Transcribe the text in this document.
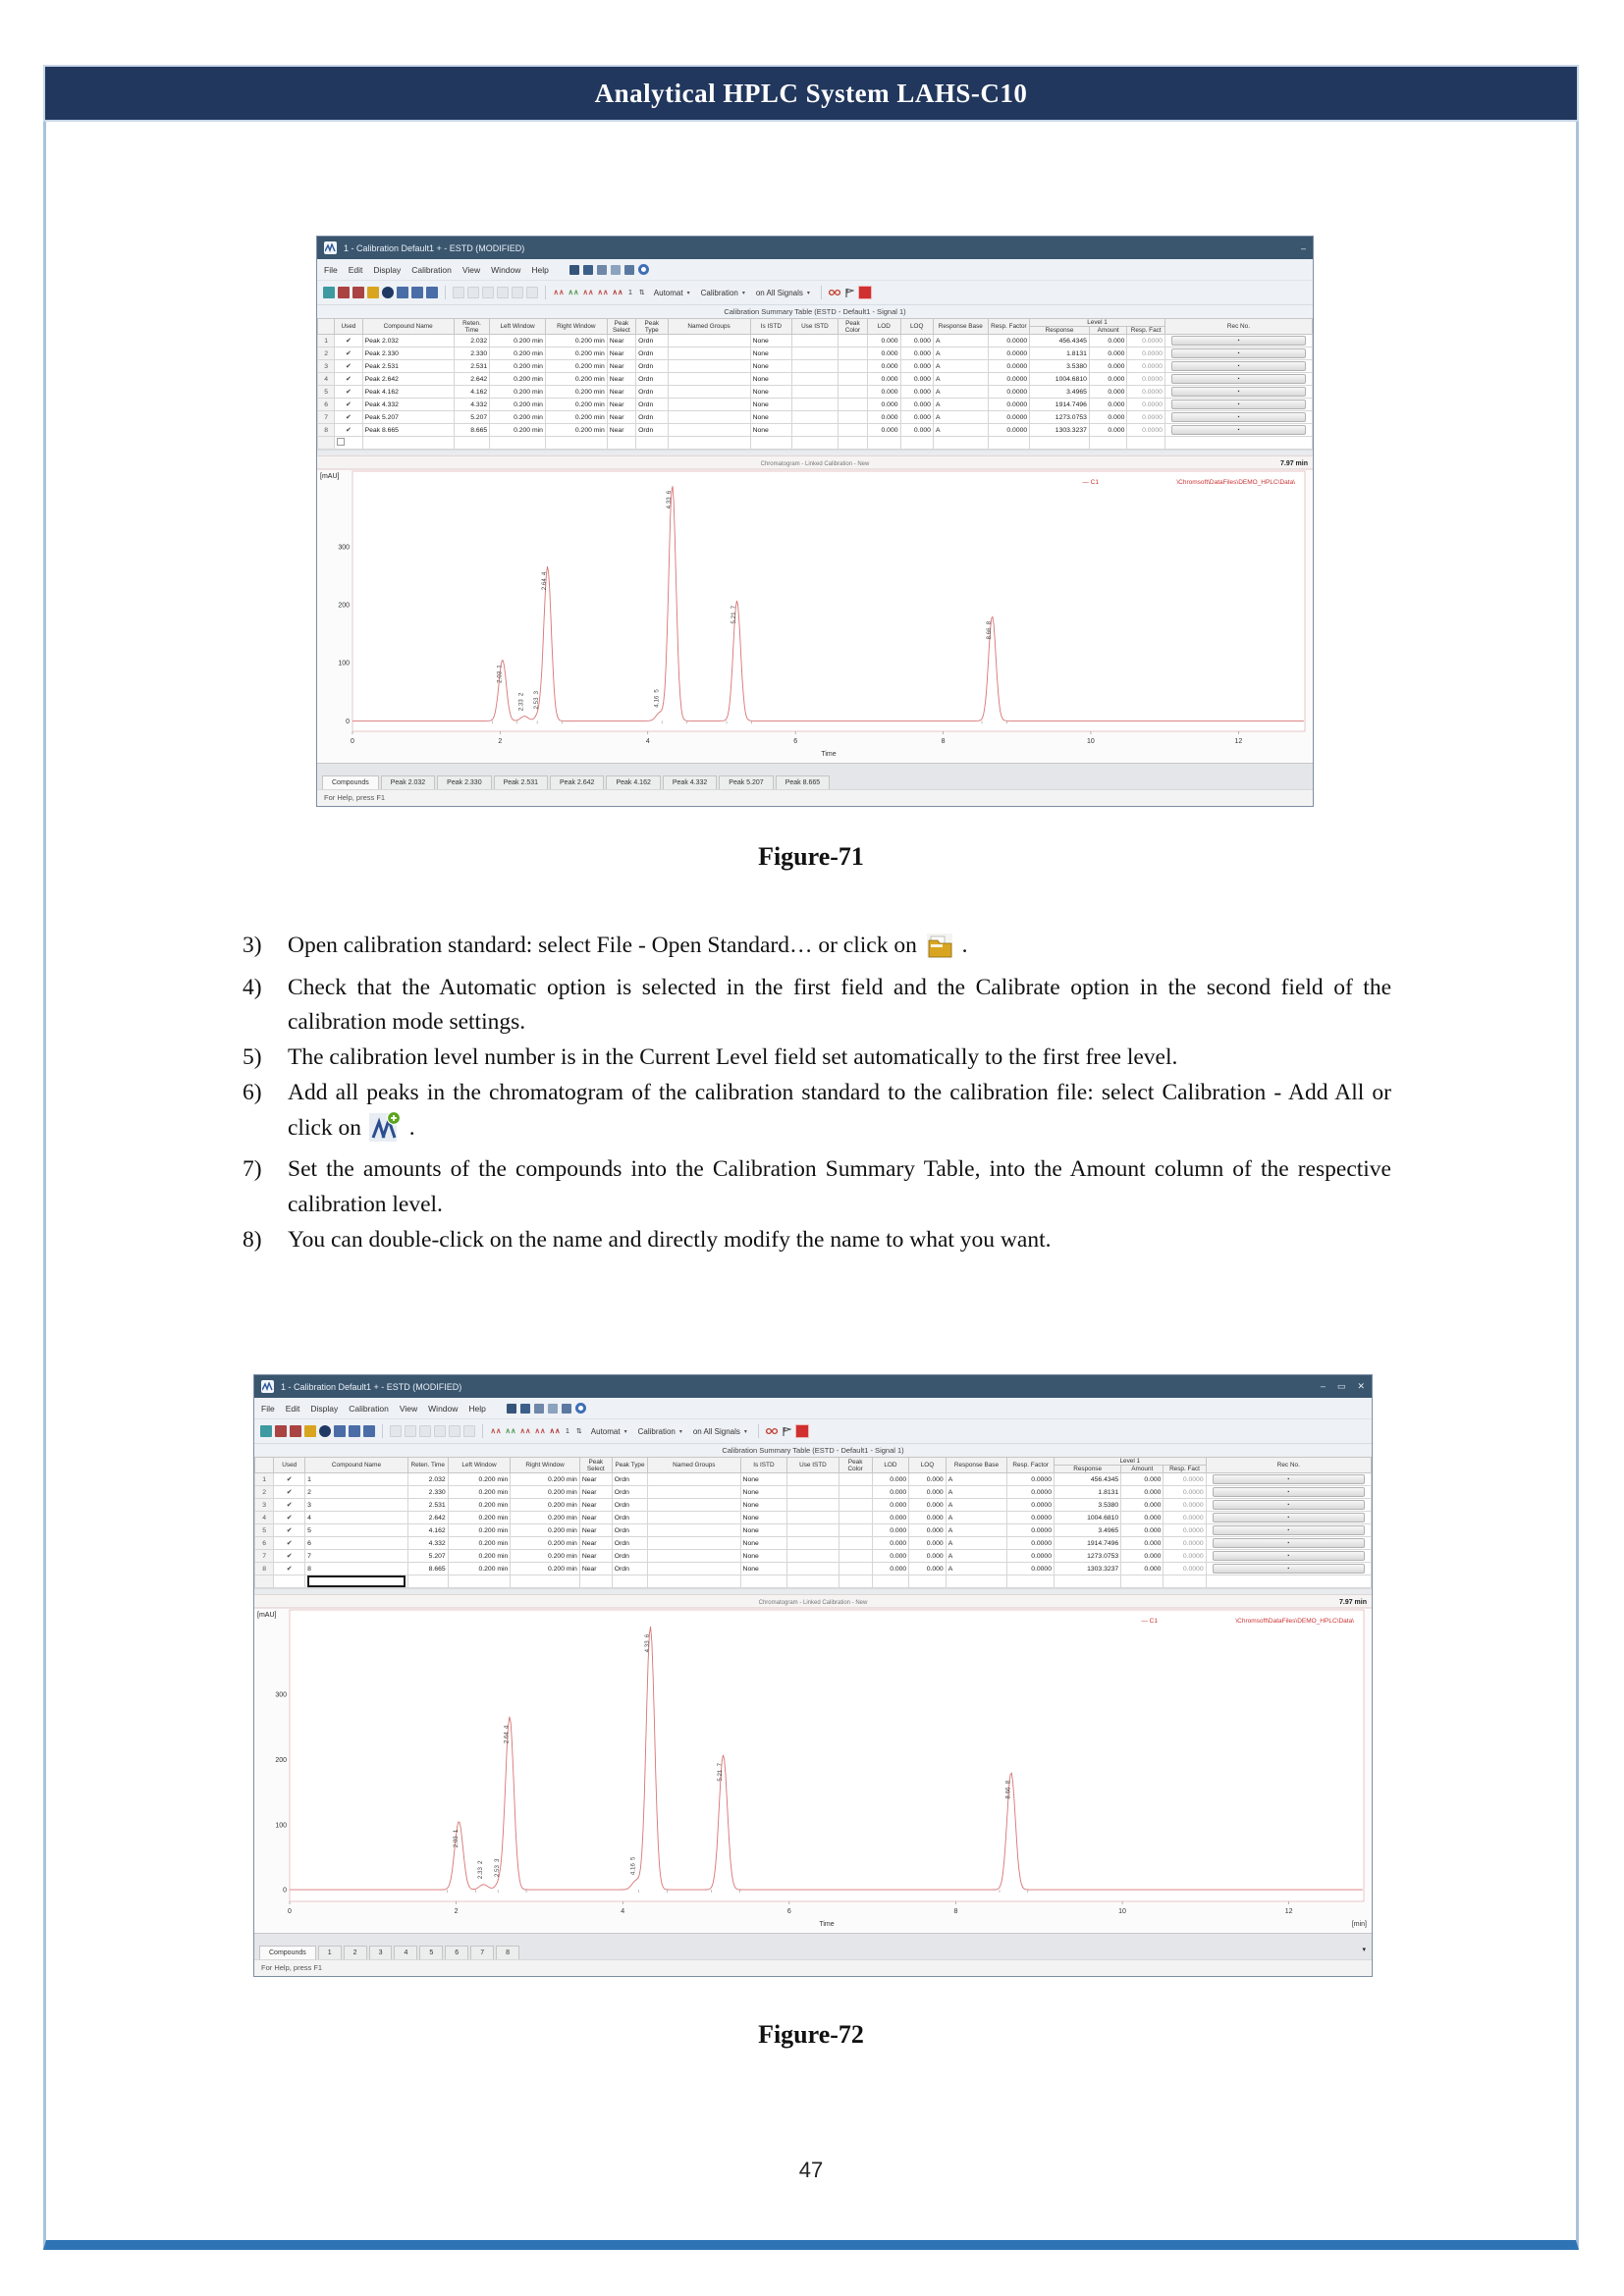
Analytical HPLC System LAHS-C10
1 - Calibration Default1 + - ESTD (MODIFIED)	–
File Edit Display Calibration View Window Help
∧∧ ∧∧ ∧∧ ∧∧ ∧∧ 1 ⇅ Automat ▾ Calibration ▾ on All Signals ▾
Calibration Summary Table (ESTD - Default1 - Signal 1)
	Used	Compound Name	Reten. Time	Left Window	Right Window	Peak Select	Peak Type	Named Groups	Is ISTD	Use ISTD	Peak Color	LOD	LOQ	Response Base	Resp. Factor	Level 1			Rec No.
																Response	Amount	Resp. Fact	
1	✔	Peak 2.032	2.032	0.200 min	0.200 min	Near	Ordn		None			0.000	0.000	A	0.0000	456.4345	0.000	0.0000	▪

2	✔	Peak 2.330	2.330	0.200 min	0.200 min	Near	Ordn		None			0.000	0.000	A	0.0000	1.8131	0.000	0.0000	▪

3	✔	Peak 2.531	2.531	0.200 min	0.200 min	Near	Ordn		None			0.000	0.000	A	0.0000	3.5380	0.000	0.0000	▪

4	✔	Peak 2.642	2.642	0.200 min	0.200 min	Near	Ordn		None			0.000	0.000	A	0.0000	1004.6810	0.000	0.0000	▪

5	✔	Peak 4.162	4.162	0.200 min	0.200 min	Near	Ordn		None			0.000	0.000	A	0.0000	3.4965	0.000	0.0000	▪

6	✔	Peak 4.332	4.332	0.200 min	0.200 min	Near	Ordn		None			0.000	0.000	A	0.0000	1914.7496	0.000	0.0000	▪

7	✔	Peak 5.207	5.207	0.200 min	0.200 min	Near	Ordn		None			0.000	0.000	A	0.0000	1273.0753	0.000	0.0000	▪

8	✔	Peak 8.665	8.665	0.200 min	0.200 min	Near	Ordn		None			0.000	0.000	A	0.0000	1303.3237	0.000	0.0000	▪

Chromatogram - Linked Calibration - New	7.97 min
[mAU]
100
200
300
0
\Chromsoft\DataFiles\DEMO_HPLC\Data\
— C1
2.03 1
2.33 2 2.53 3
2.64 4
4.16 5
4.33 6
5.21 7
8.66 8
0	2	4	6	8	10	12
Time
Compounds	Peak 2.032	Peak 2.330	Peak 2.531	Peak 2.642	Peak 4.162	Peak 4.332	Peak 5.207	Peak 8.665
For Help, press F1
Figure-71
3)	Open calibration standard: select File - Open Standard… or click on  .
4)	Check that the Automatic option is selected in the first field and the Calibrate option in the second field of the calibration mode settings.
5)	The calibration level number is in the Current Level field set automatically to the first free level.
6)	Add all peaks in the chromatogram of the calibration standard to the calibration file: select Calibration - Add All or click on  .
7)	Set the amounts of the compounds into the Calibration Summary Table, into the Amount column of the respective calibration level.
8)	You can double-click on the name and directly modify the name to what you want.
1 - Calibration Default1 + - ESTD (MODIFIED)	– ▭ ✕
File Edit Display Calibration View Window Help
∧∧ ∧∧ ∧∧ ∧∧ ∧∧ 1 ⇅ Automat ▾ Calibration ▾ on All Signals ▾
Calibration Summary Table (ESTD - Default1 - Signal 1)
	Used	Compound Name	Reten. Time	Left Window	Right Window	Peak Select	Peak Type	Named Groups	Is ISTD	Use ISTD	Peak Color	LOD	LOQ	Response Base	Resp. Factor	Level 1			Rec No.
																Response	Amount	Resp. Fact	
1	✔	1	2.032	0.200 min	0.200 min	Near	Ordn		None			0.000	0.000	A	0.0000	456.4345	0.000	0.0000	▪

2	✔	2	2.330	0.200 min	0.200 min	Near	Ordn		None			0.000	0.000	A	0.0000	1.8131	0.000	0.0000	▪

3	✔	3	2.531	0.200 min	0.200 min	Near	Ordn		None			0.000	0.000	A	0.0000	3.5380	0.000	0.0000	▪

4	✔	4	2.642	0.200 min	0.200 min	Near	Ordn		None			0.000	0.000	A	0.0000	1004.6810	0.000	0.0000	▪

5	✔	5	4.162	0.200 min	0.200 min	Near	Ordn		None			0.000	0.000	A	0.0000	3.4965	0.000	0.0000	▪

6	✔	6	4.332	0.200 min	0.200 min	Near	Ordn		None			0.000	0.000	A	0.0000	1914.7496	0.000	0.0000	▪

7	✔	7	5.207	0.200 min	0.200 min	Near	Ordn		None			0.000	0.000	A	0.0000	1273.0753	0.000	0.0000	▪

8	✔	8	8.665	0.200 min	0.200 min	Near	Ordn		None			0.000	0.000	A	0.0000	1303.3237	0.000	0.0000	▪

Chromatogram - Linked Calibration - New	7.97 min
[mAU]
100
200
300
0
\Chromsoft\DataFiles\DEMO_HPLC\Data\
— C1
2.03 1
2.33 2 2.53 3
2.64 4
4.16 5
4.33 6
5.21 7
8.66 8
0	2	4	6	8	10	12
Time	[min]
Compounds	1	2	3	4	5	6	7	8	▾
For Help, press F1
Figure-72
47
